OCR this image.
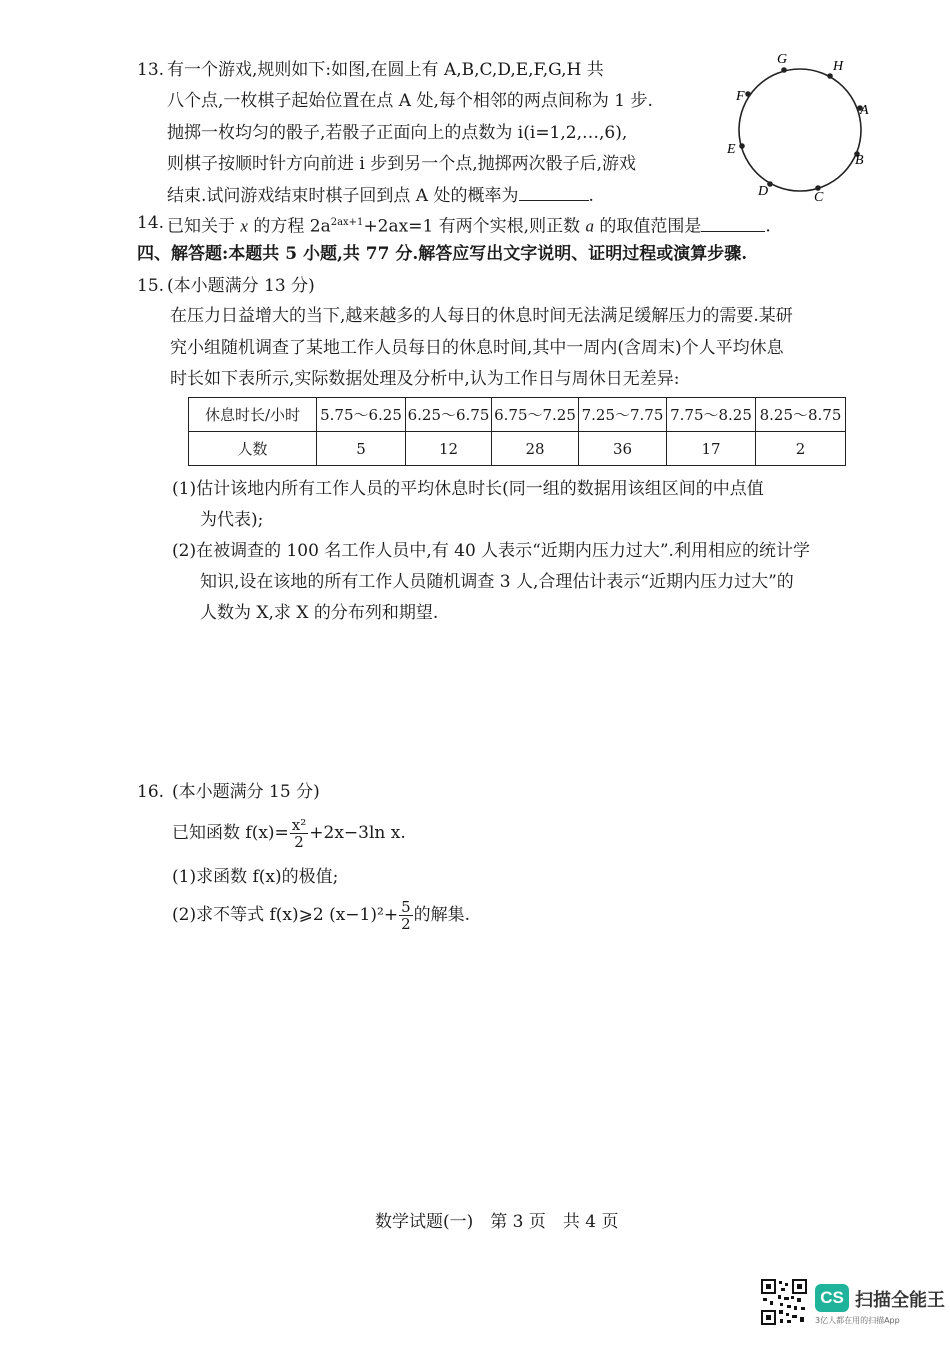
13. 有一个游戏,规则如下:如图,在圆上有 A,B,C,D,E,F,G,H 共
八个点,一枚棋子起始位置在点 A 处,每个相邻的两点间称为 1 步.
抛掷一枚均匀的骰子,若骰子正面向上的点数为 i(i=1,2,…,6),
则棋子按顺时针方向前进 i 步到另一个点,抛掷两次骰子后,游戏
结束.试问游戏结束时棋子回到点 A 处的概率为	.
G	H
A
B
C
D
E
F
14. 已知关于 x 的方程 $2a^{2ax+1}+2ax=1$ 有两个实根,则正数 a 的取值范围是	.
四、解答题:本题共 5 小题,共 77 分.解答应写出文字说明、证明过程或演算步骤.
15. (本小题满分 13 分)
在压力日益增大的当下,越来越多的人每日的休息时间无法满足缓解压力的需要.某研
究小组随机调查了某地工作人员每日的休息时间,其中一周内(含周末)个人平均休息
时长如下表所示,实际数据处理及分析中,认为工作日与周休日无差异:
休息时长/小时	5.75～6.25	6.25～6.75	6.75～7.25	7.25～7.75	7.75～8.25	8.25～8.75
人数	5	12	28	36	17	2
(1)估计该地内所有工作人员的平均休息时长(同一组的数据用该组区间的中点值
为代表);
(2)在被调查的 100 名工作人员中,有 40 人表示“近期内压力过大”.利用相应的统计学
知识,设在该地的所有工作人员随机调查 3 人,合理估计表示“近期内压力过大”的
人数为 X,求 X 的分布列和期望.
16. (本小题满分 15 分)
已知函数 $f(x)= \frac{\text{x²}}{2} +2x-3\ln$ x.
(1)求函数 f(x)的极值;
(2)求不等式 f(x)⩾2 $(x-1)^2+ \frac{5}{2}$ 的解集.
数学试题(一)　第 3 页　共 4 页
CS 扫描全能王
3亿人都在用的扫描App
